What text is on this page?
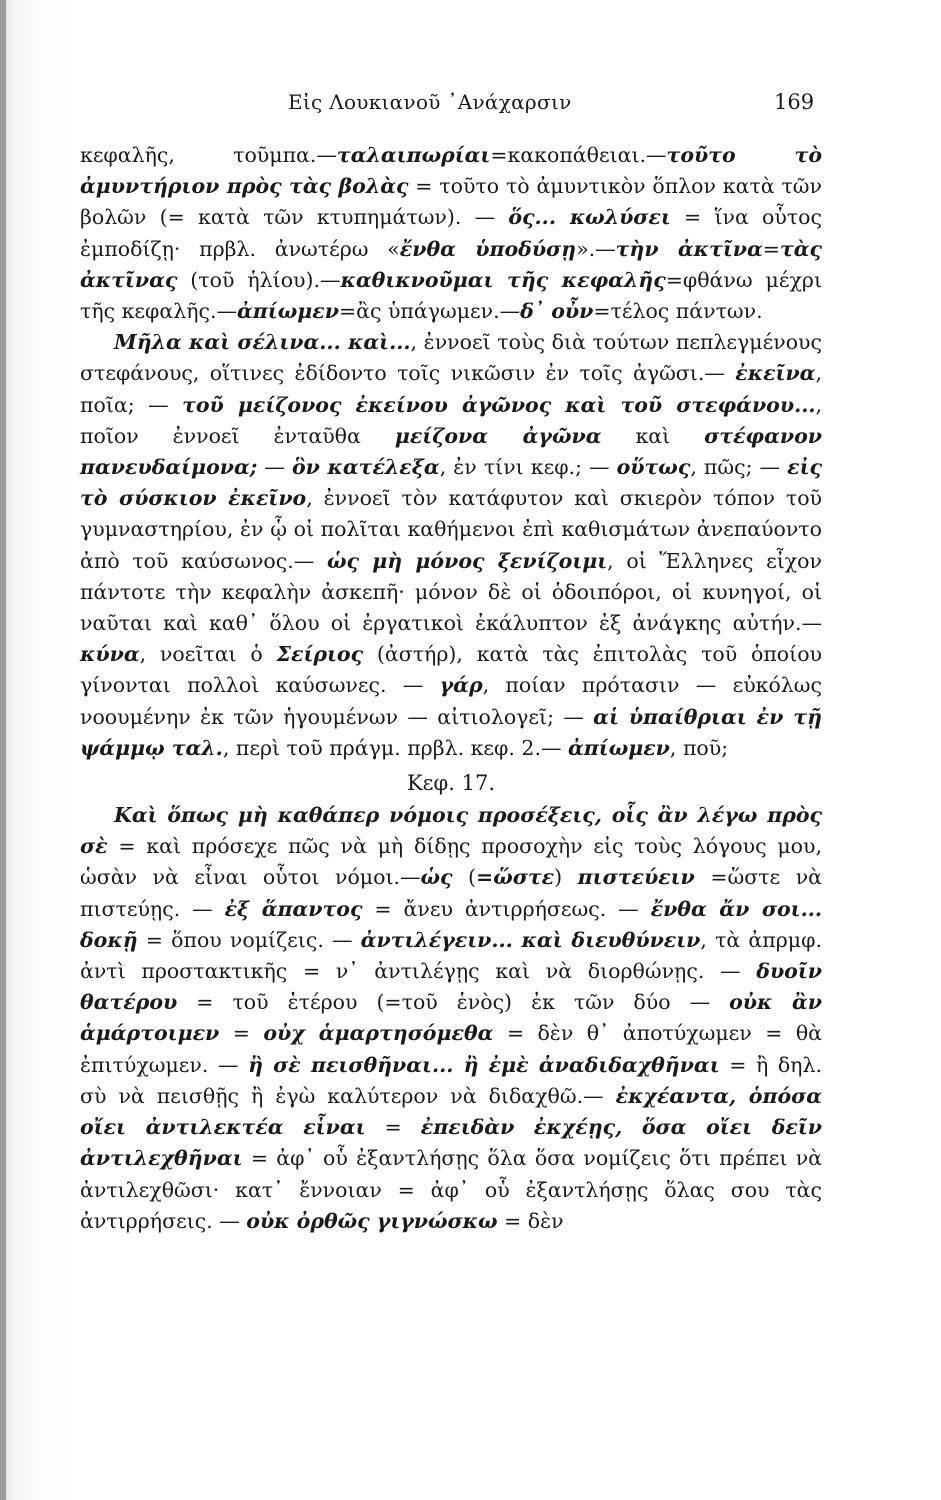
Εἰς Λουκιανοῦ ᾿Ανάχαρσιν	169

κεφαλῆς, τοῦμπα.—ταλαιπωρίαι=κακοπάθειαι.—τοῦτο τὸ ἀμυντήριον πρὸς τὰς βολὰς = τοῦτο τὸ ἀμυντικὸν ὅπλον κατὰ τῶν βολῶν (= κατὰ τῶν κτυπημάτων). — ὅς... κωλύσει = ἵνα οὗτος ἐμποδίζῃ· πρβλ. ἀνωτέρω «ἔνθα ὑποδύσῃ».—τὴν ἀκτῖνα=τὰς ἀκτῖνας (τοῦ ἡλίου).—καθικνοῦμαι τῆς κεφαλῆς=φθάνω μέχρι τῆς κεφαλῆς.—ἀπίωμεν=ἂς ὑπάγωμεν.—δ᾿ οὖν=τέλος πάντων.

Μῆλα καὶ σέλινα... καὶ..., ἐννοεῖ τοὺς διὰ τούτων πεπλεγμένους στεφάνους, οἵτινες ἐδίδοντο τοῖς νικῶσιν ἐν τοῖς ἀγῶσι.— ἐκεῖνα, ποῖα; — τοῦ μείζονος ἐκείνου ἀγῶνος καὶ τοῦ στεφάνου..., ποῖον ἐννοεῖ ἐνταῦθα μείζονα ἀγῶνα καὶ στέφανον πανευδαίμονα; — ὃν κατέλεξα, ἐν τίνι κεφ.; — οὕτως, πῶς; — εἰς τὸ σύσκιον ἐκεῖνο, ἐννοεῖ τὸν κατάφυτον καὶ σκιερὸν τόπον τοῦ γυμναστηρίου, ἐν ᾧ οἱ πολῖται καθήμενοι ἐπὶ καθισμάτων ἀνεπαύοντο ἀπὸ τοῦ καύσωνος.— ὡς μὴ μόνος ξενίζοιμι, οἱ Ἕλληνες εἶχον πάντοτε τὴν κεφαλὴν ἀσκεπῆ· μόνον δὲ οἱ ὁδοιπόροι, οἱ κυνηγοί, οἱ ναῦται καὶ καθ᾿ ὅλου οἱ ἐργατικοὶ ἐκάλυπτον ἐξ ἀνάγκης αὐτήν.—κύνα, νοεῖται ὁ Σείριος (ἀστήρ), κατὰ τὰς ἐπιτολὰς τοῦ ὁποίου γίνονται πολλοὶ καύσωνες. — γάρ, ποίαν πρότασιν — εὐκόλως νοουμένην ἐκ τῶν ἡγουμένων — αἰτιολογεῖ; — αἱ ὑπαίθριαι ἐν τῇ ψάμμῳ ταλ., περὶ τοῦ πράγμ. πρβλ. κεφ. 2.— ἀπίωμεν, ποῦ;

Κεφ. 17.

Καὶ ὅπως μὴ καθάπερ νόμοις προσέξεις, οἷς ἂν λέγω πρὸς σὲ = καὶ πρόσεχε πῶς νὰ μὴ δίδῃς προσοχὴν εἰς τοὺς λόγους μου, ὡσὰν νὰ εἶναι οὗτοι νόμοι.—ὡς (=ὥστε) πιστεύειν =ὥστε νὰ πιστεύῃς. — ἐξ ἅπαντος = ἄνευ ἀντιρρήσεως. — ἔνθα ἄν σοι... δοκῇ = ὅπου νομίζεις. — ἀντιλέγειν... καὶ διευθύνειν, τὰ ἀπρμφ. ἀντὶ προστακτικῆς = ν᾿ ἀντιλέγῃς καὶ νὰ διορθώνῃς. — δυοῖν θατέρου = τοῦ ἑτέρου (=τοῦ ἑνὸς) ἐκ τῶν δύο — οὐκ ἂν ἁμάρτοιμεν = οὐχ ἁμαρτησόμεθα = δὲν θ᾿ ἀποτύχωμεν = θὰ ἐπιτύχωμεν. — ἢ σὲ πεισθῆναι... ἢ ἐμὲ ἀναδιδαχθῆναι = ἢ δηλ. σὺ νὰ πεισθῇς ἢ ἐγὼ καλύτερον νὰ διδαχθῶ.— ἐκχέαντα, ὁπόσα οἴει ἀντιλεκτέα εἶναι = ἐπειδὰν ἐκχέῃς, ὅσα οἴει δεῖν ἀντιλεχθῆναι = ἀφ᾿ οὗ ἐξαντλήσῃς ὅλα ὅσα νομίζεις ὅτι πρέπει νὰ ἀντιλεχθῶσι· κατ᾿ ἔννοιαν = ἀφ᾿ οὗ ἐξαντλήσῃς ὅλας σου τὰς ἀντιρρήσεις. — οὐκ ὀρθῶς γιγνώσκω = δὲν
